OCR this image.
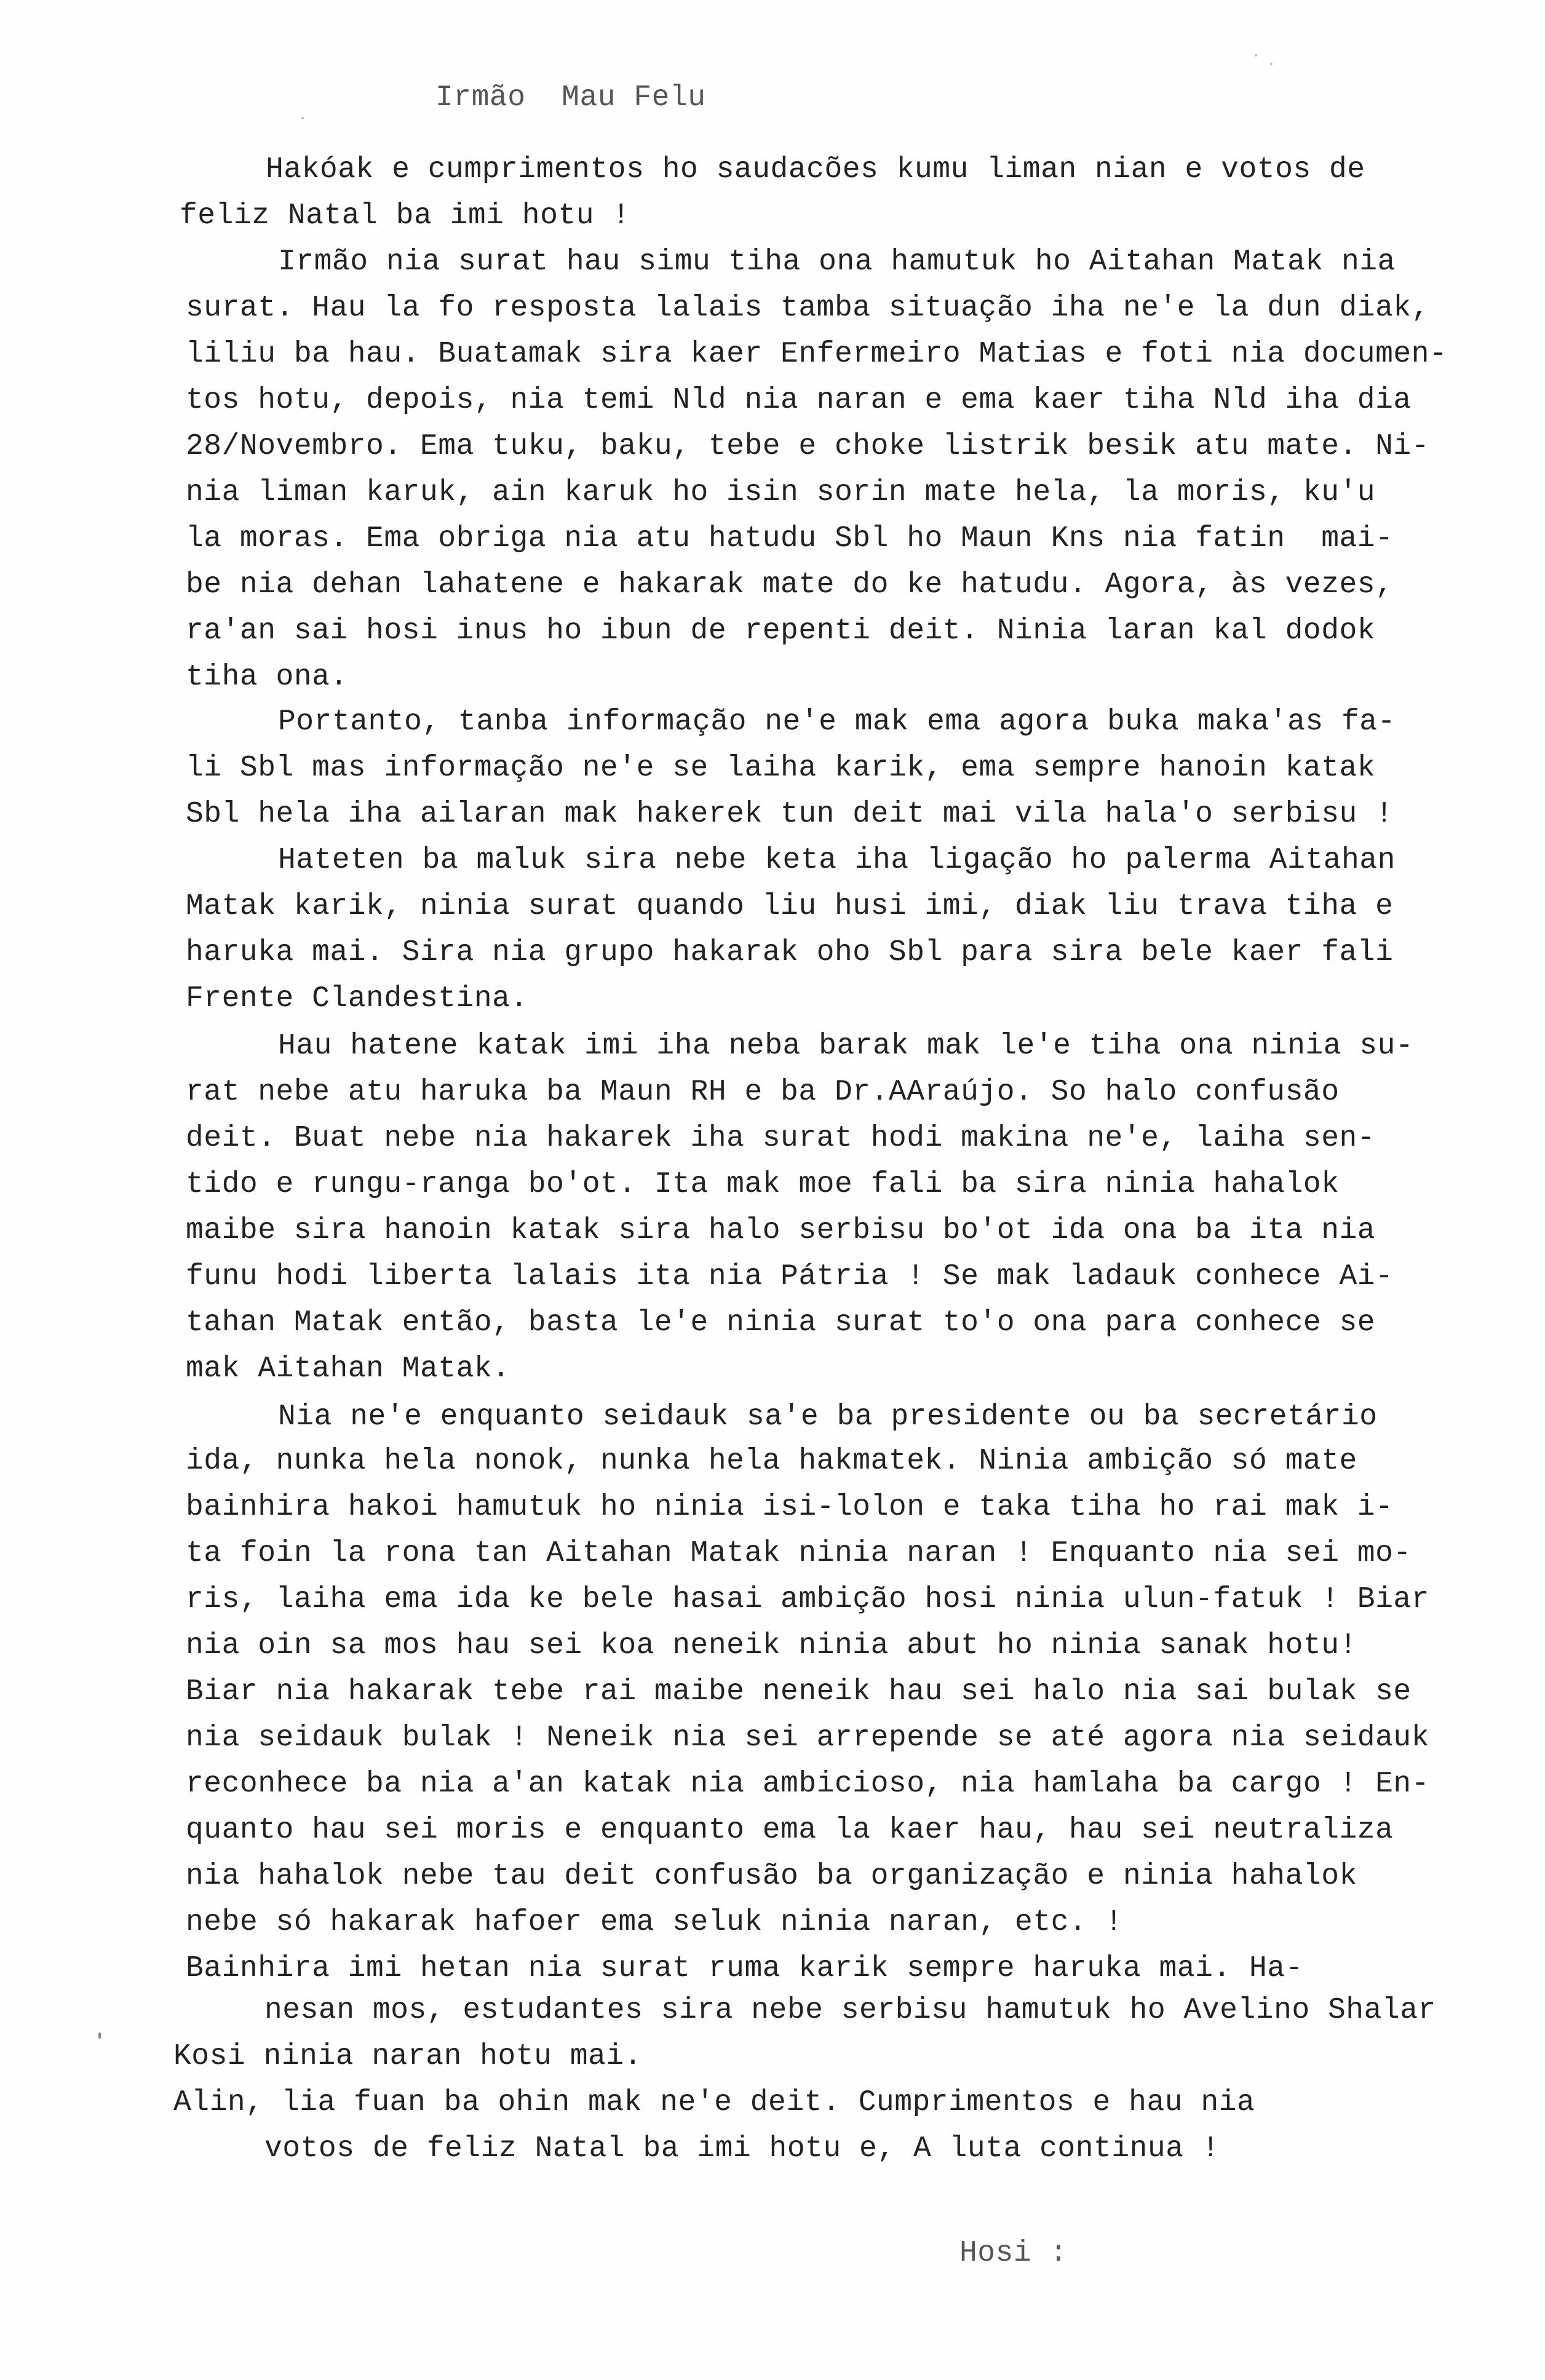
Irmão  Mau Felu
Hakóak e cumprimentos ho saudacões kumu liman nian e votos de
feliz Natal ba imi hotu !
Irmão nia surat hau simu tiha ona hamutuk ho Aitahan Matak nia
surat. Hau la fo resposta lalais tamba situação iha ne'e la dun diak,
liliu ba hau. Buatamak sira kaer Enfermeiro Matias e foti nia documen-
tos hotu, depois, nia temi Nld nia naran e ema kaer tiha Nld iha dia
28/Novembro. Ema tuku, baku, tebe e choke listrik besik atu mate. Ni-
nia liman karuk, ain karuk ho isin sorin mate hela, la moris, ku'u
la moras. Ema obriga nia atu hatudu Sbl ho Maun Kns nia fatin  mai-
be nia dehan lahatene e hakarak mate do ke hatudu. Agora, às vezes,
ra'an sai hosi inus ho ibun de repenti deit. Ninia laran kal dodok
tiha ona.
Portanto, tanba informação ne'e mak ema agora buka maka'as fa-
li Sbl mas informação ne'e se laiha karik, ema sempre hanoin katak
Sbl hela iha ailaran mak hakerek tun deit mai vila hala'o serbisu !
Hateten ba maluk sira nebe keta iha ligação ho palerma Aitahan
Matak karik, ninia surat quando liu husi imi, diak liu trava tiha e
haruka mai. Sira nia grupo hakarak oho Sbl para sira bele kaer fali
Frente Clandestina.
Hau hatene katak imi iha neba barak mak le'e tiha ona ninia su-
rat nebe atu haruka ba Maun RH e ba Dr.AAraújo. So halo confusão
deit. Buat nebe nia hakarek iha surat hodi makina ne'e, laiha sen-
tido e rungu-ranga bo'ot. Ita mak moe fali ba sira ninia hahalok
maibe sira hanoin katak sira halo serbisu bo'ot ida ona ba ita nia
funu hodi liberta lalais ita nia Pátria ! Se mak ladauk conhece Ai-
tahan Matak então, basta le'e ninia surat to'o ona para conhece se
mak Aitahan Matak.
Nia ne'e enquanto seidauk sa'e ba presidente ou ba secretário
ida, nunka hela nonok, nunka hela hakmatek. Ninia ambição só mate
bainhira hakoi hamutuk ho ninia isi-lolon e taka tiha ho rai mak i-
ta foin la rona tan Aitahan Matak ninia naran ! Enquanto nia sei mo-
ris, laiha ema ida ke bele hasai ambição hosi ninia ulun-fatuk ! Biar
nia oin sa mos hau sei koa neneik ninia abut ho ninia sanak hotu!
Biar nia hakarak tebe rai maibe neneik hau sei halo nia sai bulak se
nia seidauk bulak ! Neneik nia sei arrepende se até agora nia seidauk
reconhece ba nia a'an katak nia ambicioso, nia hamlaha ba cargo ! En-
quanto hau sei moris e enquanto ema la kaer hau, hau sei neutraliza
nia hahalok nebe tau deit confusão ba organização e ninia hahalok
nebe só hakarak hafoer ema seluk ninia naran, etc. !
Bainhira imi hetan nia surat ruma karik sempre haruka mai. Ha-
nesan mos, estudantes sira nebe serbisu hamutuk ho Avelino Shalar
Kosi ninia naran hotu mai.
Alin, lia fuan ba ohin mak ne'e deit. Cumprimentos e hau nia
votos de feliz Natal ba imi hotu e, A luta continua !
Hosi :
